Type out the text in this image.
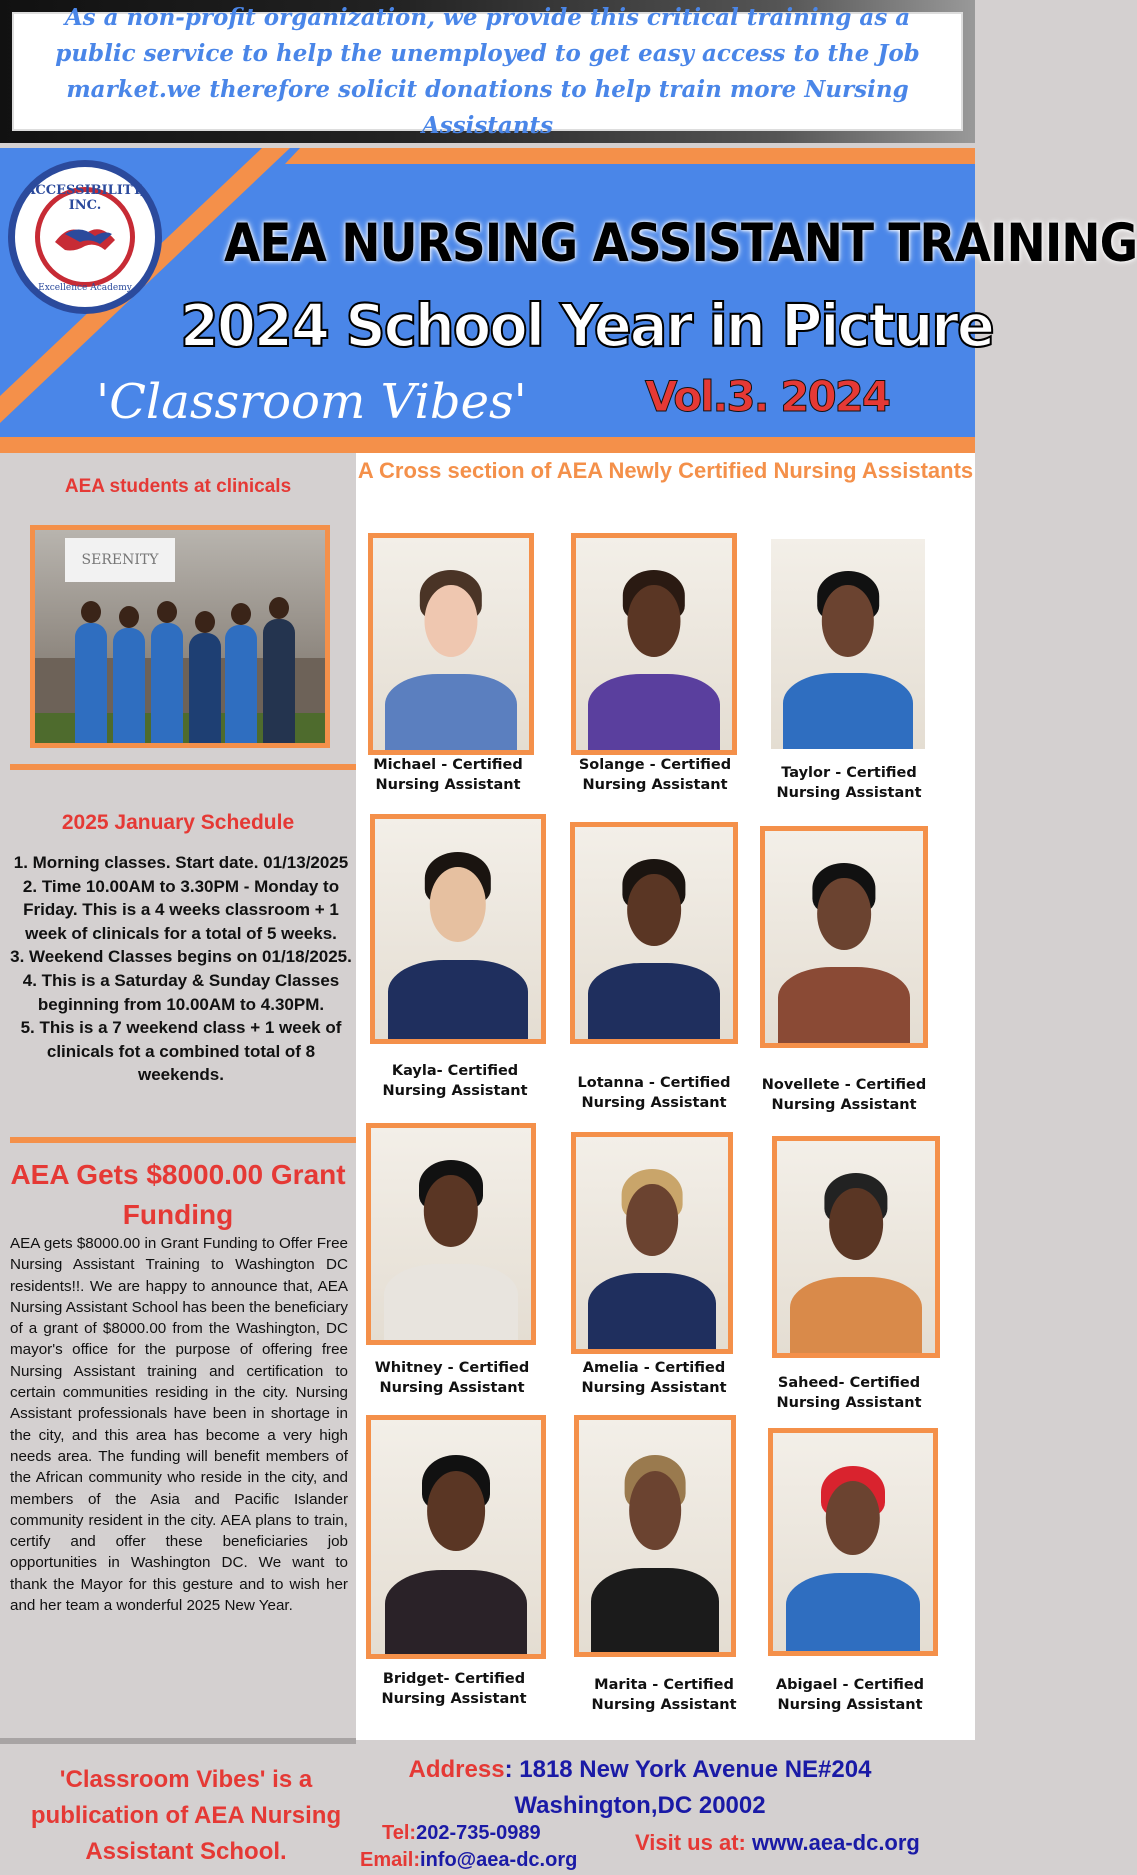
As a non-profit organization, we provide this critical training as a public service to help the unemployed to get easy access to the Job market.we therefore solicit donations to help train more Nursing Assistants

ACCESSIBILITY, INC.
Excellence Academy
AEA NURSING ASSISTANT TRAINING
2024 School Year in Picture
'Classroom Vibes'	Vol.3. 2024
AEA students at clinicals
SERENITY
2025 January Schedule
1. Morning classes. Start date. 01/13/2025
2. Time 10.00AM to 3.30PM - Monday to Friday. This is a 4 weeks classroom + 1 week of clinicals for a total of 5 weeks.
3. Weekend Classes begins on 01/18/2025.
4. This is a Saturday & Sunday Classes beginning from 10.00AM to 4.30PM.
5. This is a 7 weekend class + 1 week of clinicals fot a combined total of 8 weekends.
AEA Gets $8000.00 Grant Funding
AEA gets $8000.00 in Grant Funding to Offer Free Nursing Assistant Training to Washington DC residents!!. We are happy to announce that, AEA Nursing Assistant School has been the beneficiary of a grant of $8000.00 from the Washington, DC mayor's office for the purpose of offering free Nursing Assistant training and certification to certain communities residing in the city. Nursing Assistant professionals have been in shortage in the city, and this area has become a very high needs area. The funding will benefit members of the African community who reside in the city, and members of the Asia and Pacific Islander community resident in the city. AEA plans to train, certify and offer these beneficiaries job opportunities in Washington DC. We want to thank the Mayor for this gesture and to wish her and her team a wonderful 2025 New Year.
A Cross section of AEA Newly Certified Nursing Assistants
Michael - Certified Nursing Assistant
Solange - Certified Nursing Assistant
Taylor - Certified Nursing Assistant
Kayla- Certified Nursing Assistant	Lotanna - Certified Nursing Assistant
Novellete - Certified Nursing Assistant
Whitney - Certified Nursing Assistant
Amelia - Certified Nursing Assistant	Saheed- Certified Nursing Assistant
Bridget- Certified Nursing Assistant
Marita - Certified Nursing Assistant
Abigael - Certified Nursing Assistant
'Classroom Vibes' is a publication of AEA Nursing Assistant School.
Address: 1818 New York Avenue NE#204
Washington,DC 20002
Tel:202-735-0989
Email:info@aea-dc.org
Visit us at: www.aea-dc.org
